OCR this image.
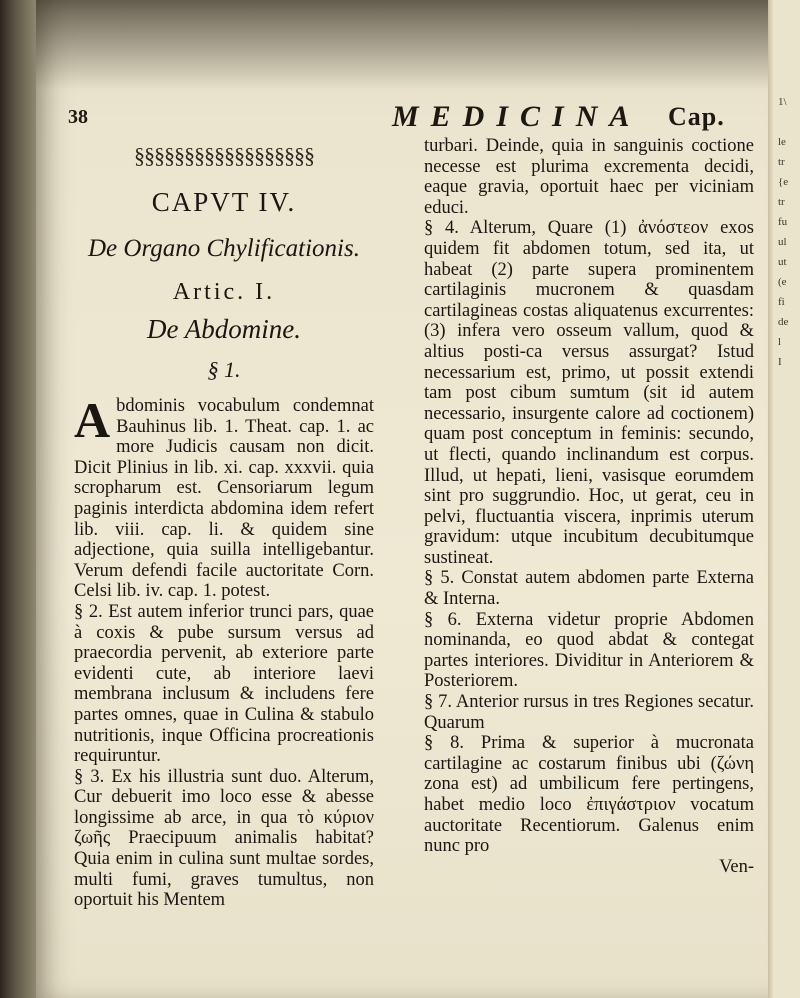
38	MEDICINA Cap.
§§§§§§§§§§§§§§§§§§
CAPVT IV.
De Organo Chylificationis.
Artic. I.
De Abdomine.
§ 1.

Abdominis vocabulum condemnat Bauhinus lib. 1. Theat. cap. 1. ac more Judicis causam non dicit. Dicit Plinius in lib. xi. cap. xxxvii. quia scropharum est. Censoriarum legum paginis interdicta abdomina idem refert lib. viii. cap. li. & quidem sine adjectione, quia suilla intelligebantur. Verum defendi facile auctoritate Corn. Celsi lib. iv. cap. 1. potest.

§ 2. Est autem inferior trunci pars, quae à coxis & pube sursum versus ad praecordia pervenit, ab exteriore parte evidenti cute, ab interiore laevi membrana inclusum & includens fere partes omnes, quae in Culina & stabulo nutritionis, inque Officina procreationis requiruntur.

§ 3. Ex his illustria sunt duo. Alterum, Cur debuerit imo loco esse & abesse longissime ab arce, in qua τὸ κύριον ζωῆς Praecipuum animalis habitat? Quia enim in culina sunt multae sordes, multi fumi, graves tumultus, non oportuit his Mentem

turbari. Deinde, quia in sanguinis coctione necesse est plurima excrementa decidi, eaque gravia, oportuit haec per viciniam educi.

§ 4. Alterum, Quare (1) ἀνόστεον exos quidem fit abdomen totum, sed ita, ut habeat (2) parte supera prominentem cartilaginis mucronem & quasdam cartilagineas costas aliquatenus excurrentes: (3) infera vero osseum vallum, quod & altius posti-ca versus assurgat? Istud necessarium est, primo, ut possit extendi tam post cibum sumtum (sit id autem necessario, insurgente calore ad coctionem) quam post conceptum in feminis: secundo, ut flecti, quando inclinandum est corpus. Illud, ut hepati, lieni, vasisque eorumdem sint pro suggrundio. Hoc, ut gerat, ceu in pelvi, fluctuantia viscera, inprimis uterum gravidum: utque incubitum decubitumque sustineat.

§ 5. Constat autem abdomen parte Externa & Interna.

§ 6. Externa videtur proprie Abdomen nominanda, eo quod abdat & contegat partes interiores. Dividitur in Anteriorem & Posteriorem.

§ 7. Anterior rursus in tres Regiones secatur. Quarum

§ 8. Prima & superior à mucronata cartilagine ac costarum finibus ubi (ζώνη zona est) ad umbilicum fere pertingens, habet medio loco ἐπιγάστριον vocatum auctoritate Recentiorum. Galenus enim nunc pro

Ven-

1\
le
tr
{e
tr
fu
ul
ut
(e
fi
de
l
I
